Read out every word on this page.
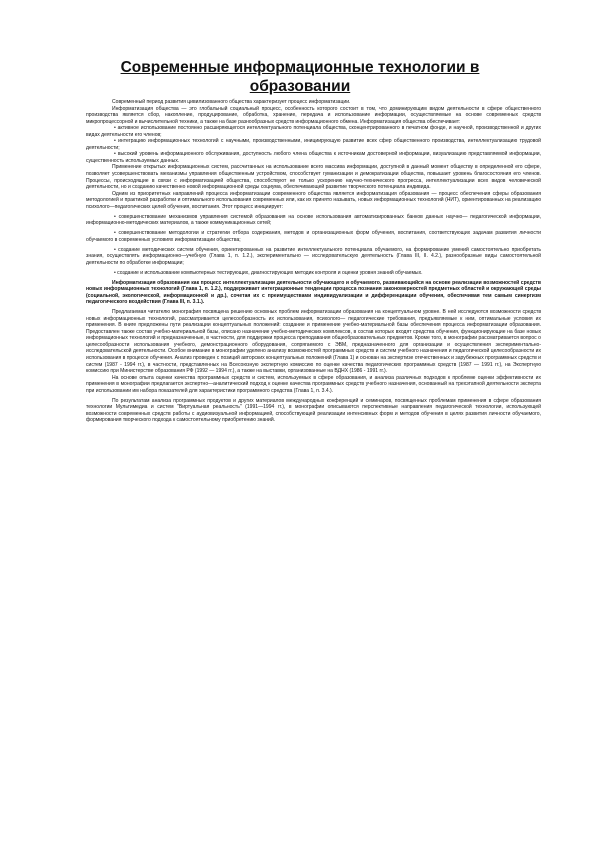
Современные информационные технологии в образовании

Современный период развития цивилизованного общества характеризует процесс информатизации.

Информатизация общества — это глобальный социальный процесс, особенность которого состоит в том, что доминирующим видом деятельности в сфере общественного производства является сбор, накопление, продуцирование, обработка, хранение, передача и использование информации, осуществляемые на основе современных средств микропроцессорной и вычислительной техники, а также на базе разнообразных средств информационного обмена. Информатизация общества обеспечивает:

• активное использование постоянно расширяющегося интеллектуального потенциала общества, сконцентрированного в печатном фонде, и научной, производственной и других видах деятельности его членов;

• интеграцию информационных технологий с научными, производственными, инициирующую развитие всех сфер общественного производства, интеллектуализацию трудовой деятельности;

• высокий уровень информационного обслуживания, доступность любого члена общества к источникам достоверной информации, визуализацию представляемой информации, существенность используемых данных.

Применение открытых информационных систем, рассчитанных на использование всего массива информации, доступной в данный момент обществу в определенной его сфере, позволяет усовершенствовать механизмы управления общественным устройством, способствует гуманизации и демократизации общества, повышает уровень благосостояния его членов. Процессы, происходящие в связи с информатизацией общества, способствуют не только ускорению научно-технического прогресса, интеллектуализации всех видов человеческой деятельности, но и созданию качественно новой информационной среды социума, обеспечивающей развитие творческого потенциала индивида.

Одним из приоритетных направлений процесса информатизации современного общества является информатизация образования — процесс обеспечения сферы образования методологией и практикой разработки и оптимального использования современных или, как их принято называть, новых информационных технологий (НИТ), ориентированных на реализацию психолого—педагогических целей обучения, воспитания. Этот процесс инициирует:

• совершенствование механизмов управления системой образования на основе использования автоматизированных банков данных научно— педагогической информации, информационно-методических материалов, а также коммуникационных сетей;

• совершенствование методологии и стратегии отбора содержания, методов и организационных форм обучения, воспитания, соответствующих задачам развития личности обучаемого в современных условиях информатизации общества;

• создание методических систем обучения, ориентированных на развитие интеллектуального потенциала обучаемого, на формирование умений самостоятельно приобретать знания, осуществлять информационно—учебную (Глава 1, п. 1.2.), экспериментально — исследовательскую деятельность (Глава III, II. 4.2.), разнообразные виды самостоятельной деятельности по обработке информации;

• создание и использование компьютерных тестирующих, диагностирующих методик контроля и оценки уровня знаний обучаемых.

Информатизация образования как процесс интеллектуализации деятельности обучающего и обучаемого, развивающийся на основе реализации возможностей средств новых информационных технологий (Глава 1, п. 1.2.), поддерживает интеграционные тенденции процесса познания закономерностей предметных областей и окружающей среды (социальной, экологической, информационной и др.), сочетая их с преимуществами индивидуализации и дифференциации обучения, обеспечивая тем самым синергизм педагогического воздействия (Глава III, п. 3.1.).

Предлагаемая читателю монография посвящена решению основных проблем информатизации образования на концептуальном уровне. В ней исследуются возможности средств новых информационных технологий, рассматривается целесообразность их использования, психолого— педагогические требования, предъявляемые к ним, оптимальные условия их применения. В книге предложены пути реализации концептуальных положений: создание и применение учебно-материальной базы обеспечения процесса информатизации образования. Предоставлен также состав учебно-материальной базы, описано назначение учебно-методических комплексов, в состав которых входят средства обучения, функционирующие на базе новых информационных технологий и предназначенные, в частности, для поддержки процесса преподавания общеобразовательных предметов. Кроме того, в монографии рассматривается вопрос о целесообразности использования учебного, демонстрационного оборудования, сопрягаемого с ЭВМ, предназначенного для организации и осуществления экспериментально-исследовательской деятельности. Особое внимание в монографии уделено анализу возможностей программных средств и систем учебного назначения и педагогической целесообразности их использования в процессе обучения. Анализ проведен с позиций авторских концептуальных положений (Глава 1) и основан на экспертизе отечественных и зарубежных программных средств и систем (1987 - 1994 гг.), в частности, представленных на Всесоюзную экспертную комиссию по оценке качества педагогических программных средств (1987 — 1991 гг.), на Экспертную комиссию при Министерстве образования РФ (1992 — 1994 гг.), а также на выставки, организованные на ВДНХ (1986 - 1991 гг.).

На основе опыта оценки качества программных средств и систем, используемых в сфере образования, и анализа различных подходов к проблеме оценки эффективности их применения в монографии предлагается экспертно—аналитический подход к оценке качества программных средств учебного назначения, основанный на трехэтапной деятельности эксперта при использовании им набора показателей для характеристики программного средства (Глава 1, п. 3.4.).

По результатам анализа программных продуктов и других материалов международных конференций и семинаров, посвященных проблемам применения в сфере образования технологии Мультимедиа и систем "Виртуальная реальность" (1991—1994 гг.), в монографии описываются перспективные направления педагогической технологии, использующей возможности современных средств работы с аудиовизуальной информацией, способствующей реализации интенсивных форм и методов обучения в целях развития личности обучаемого, формирования творческого подхода к самостоятельному приобретению знаний.
